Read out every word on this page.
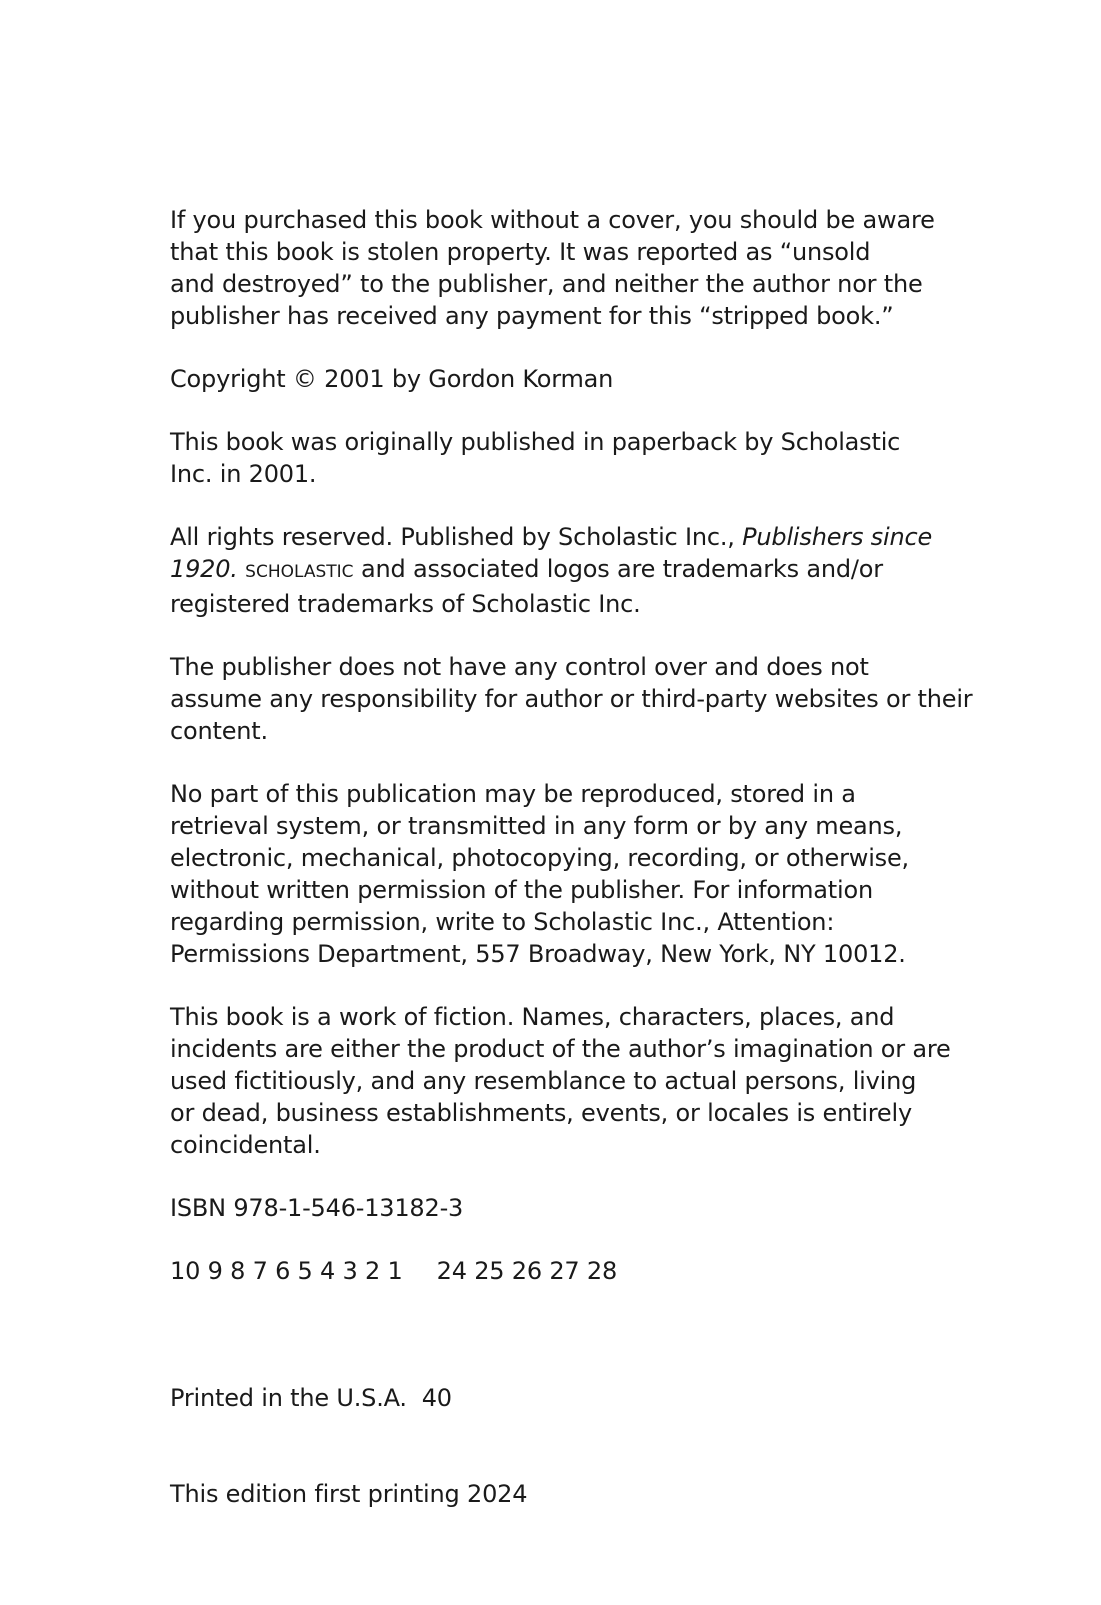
If you purchased this book without a cover, you should be aware
that this book is stolen property. It was reported as “unsold
and destroyed” to the publisher, and neither the author nor the
publisher has received any payment for this “stripped book.”

Copyright © 2001 by Gordon Korman

This book was originally published in paperback by Scholastic
Inc. in 2001.

All rights reserved. Published by Scholastic Inc., Publishers since
1920. SCHOLASTIC and associated logos are trademarks and/or
registered trademarks of Scholastic Inc.

The publisher does not have any control over and does not
assume any responsibility for author or third-party websites or their
content.

No part of this publication may be reproduced, stored in a
retrieval system, or transmitted in any form or by any means,
electronic, mechanical, photocopying, recording, or otherwise,
without written permission of the publisher. For information
regarding permission, write to Scholastic Inc., Attention:
Permissions Department, 557 Broadway, New York, NY 10012.

This book is a work of fiction. Names, characters, places, and
incidents are either the product of the author’s imagination or are
used fictitiously, and any resemblance to actual persons, living
or dead, business establishments, events, or locales is entirely
coincidental.

ISBN 978-1-546-13182-3

10 9 8 7 6 5 4 3 2 1 24 25 26 27 28

Printed in the U.S.A.  40

This edition first printing 2024
